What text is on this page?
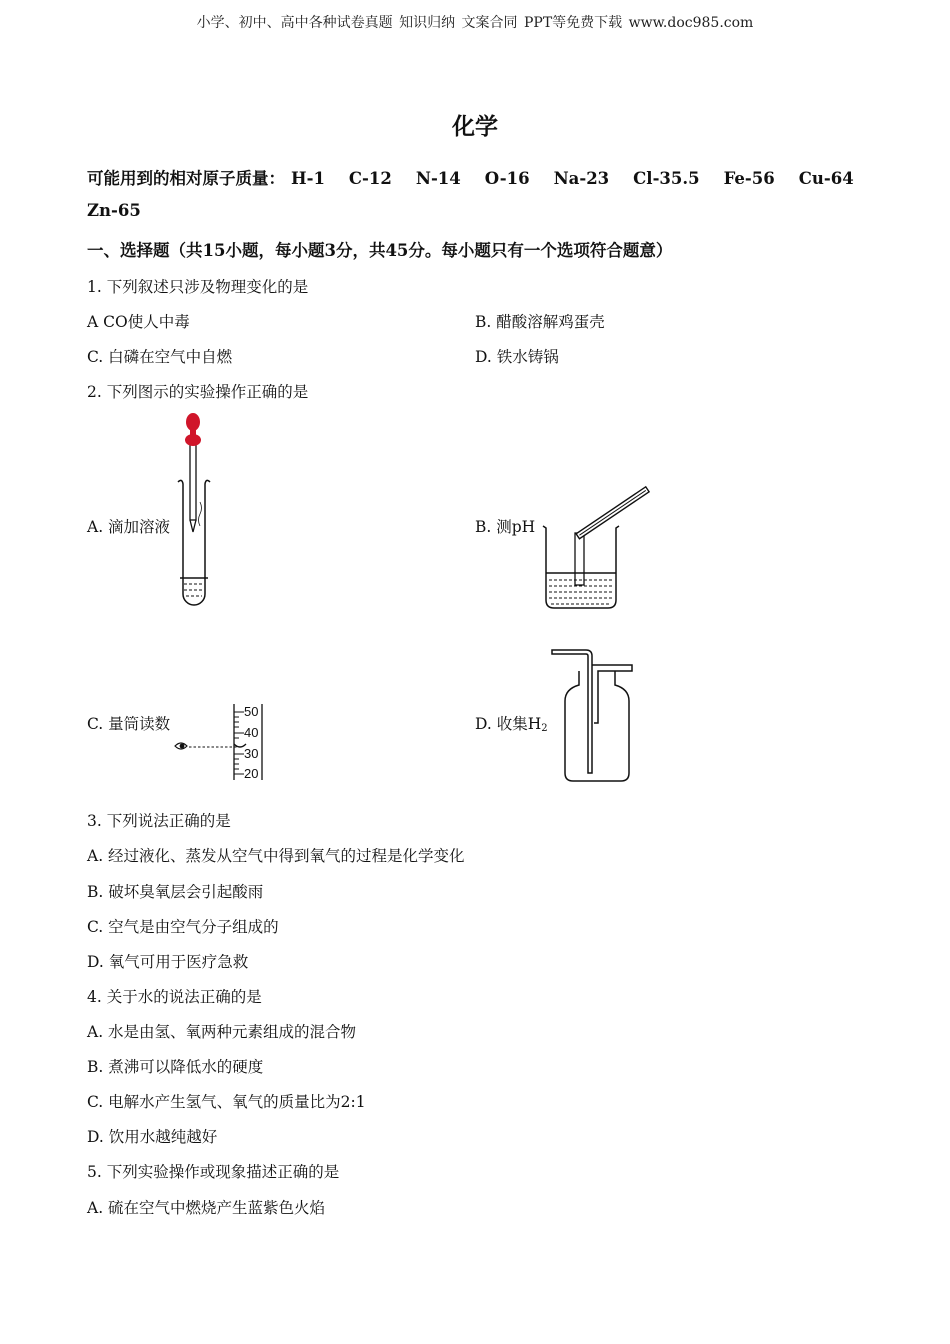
小学、初中、高中各种试卷真题 知识归纳 文案合同 PPT等免费下载 www.doc985.com
化学
可能用到的相对原子质量： H-1 C-12 N-14 O-16 Na-23 Cl-35.5 Fe-56 Cu-64
Zn-65
一、选择题（共15小题，每小题3分，共45分。每小题只有一个选项符合题意）
1. 下列叙述只涉及物理变化的是
A CO使人中毒	B. 醋酸溶解鸡蛋壳
C. 白磷在空气中自燃	D. 铁水铸锅
2. 下列图示的实验操作正确的是
A. 滴加溶液	B. 测pH
C. 量筒读数	D. 收集$H_2$
50
40
30
20
3. 下列说法正确的是
A. 经过液化、蒸发从空气中得到氧气的过程是化学变化
B. 破坏臭氧层会引起酸雨
C. 空气是由空气分子组成的
D. 氧气可用于医疗急救
4. 关于水的说法正确的是
A. 水是由氢、氧两种元素组成的混合物
B. 煮沸可以降低水的硬度
C. 电解水产生氢气、氧气的质量比为2:1
D. 饮用水越纯越好
5. 下列实验操作或现象描述正确的是
A. 硫在空气中燃烧产生蓝紫色火焰
